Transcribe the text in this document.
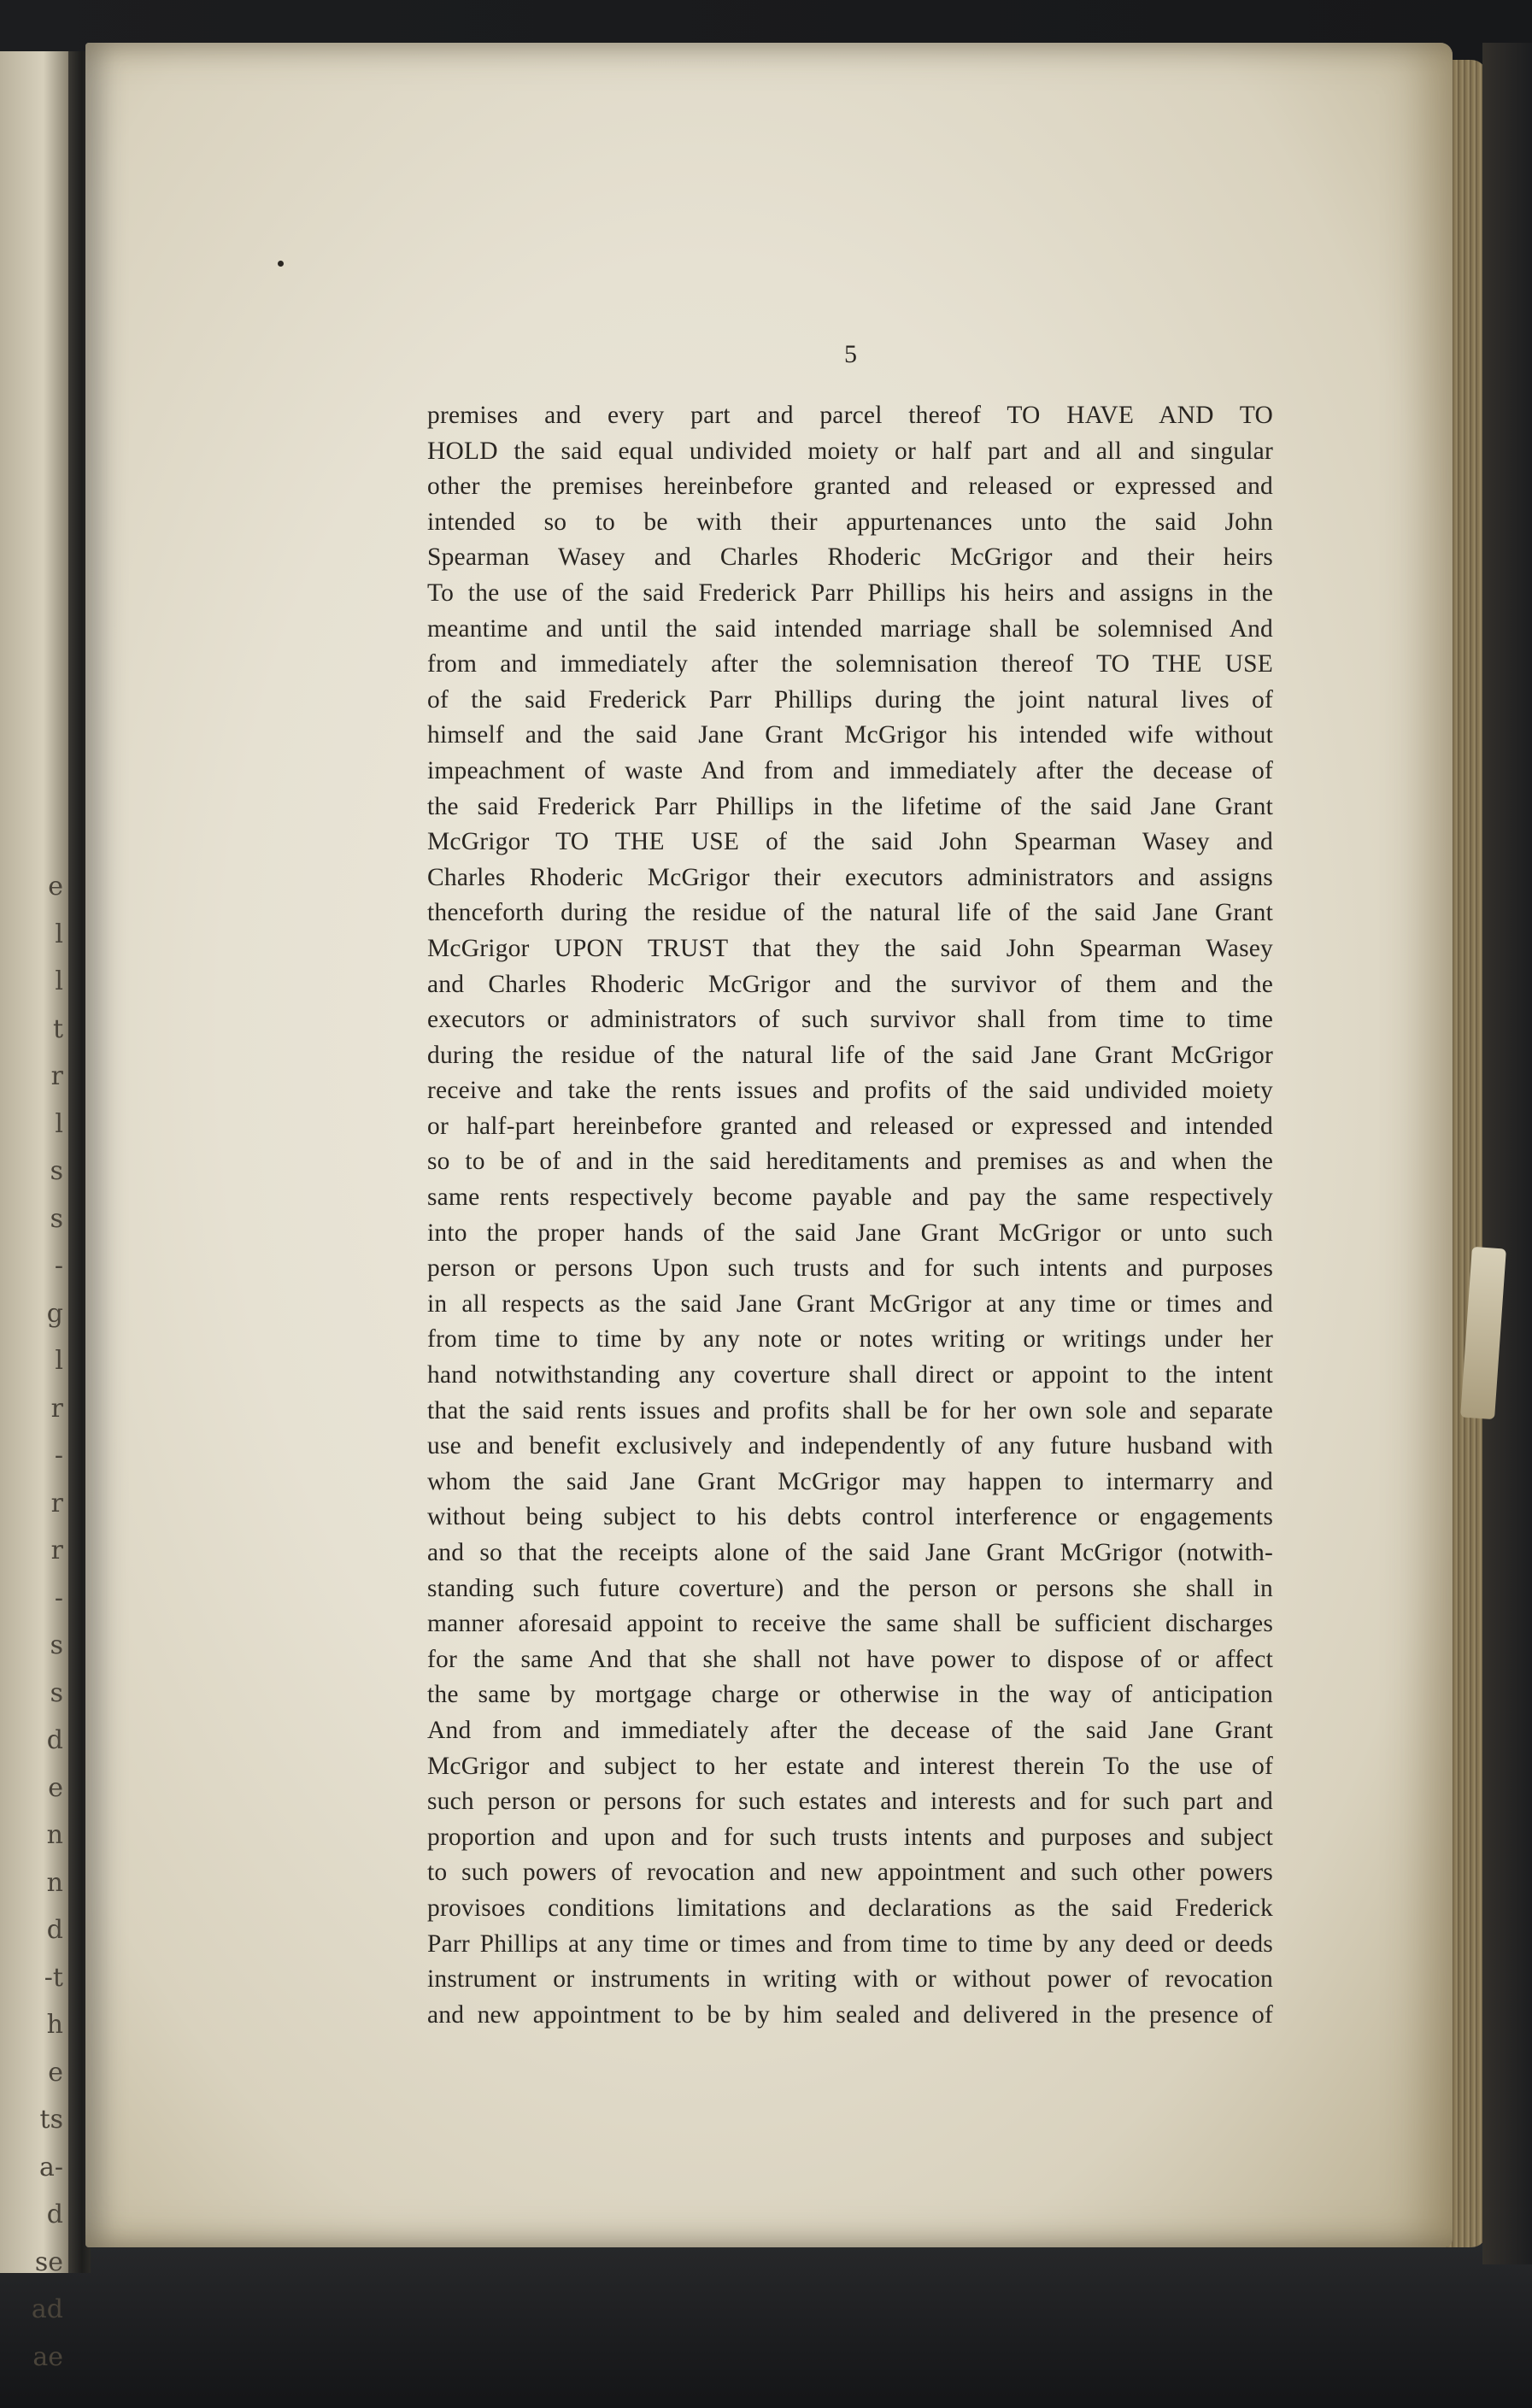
e
l
l
t
r
l
s
s
-
g
l
r
-
r
r
-
s
s
d
e
n
n
d
-t
h
e
ts
a-
d
se
ad
ae
5
premises and every part and parcel thereof TO HAVE AND TO
HOLD the said equal undivided moiety or half part and all and singular
other the premises hereinbefore granted and released or expressed and
intended so to be with their appurtenances unto the said John
Spearman Wasey and Charles Rhoderic McGrigor and their heirs
To the use of the said Frederick Parr Phillips his heirs and assigns in the
meantime and until the said intended marriage shall be solemnised And
from and immediately after the solemnisation thereof TO THE USE
of the said Frederick Parr Phillips during the joint natural lives of
himself and the said Jane Grant McGrigor his intended wife without
impeachment of waste And from and immediately after the decease of
the said Frederick Parr Phillips in the lifetime of the said Jane Grant
McGrigor TO THE USE of the said John Spearman Wasey and
Charles Rhoderic McGrigor their executors administrators and assigns
thenceforth during the residue of the natural life of the said Jane Grant
McGrigor UPON TRUST that they the said John Spearman Wasey
and Charles Rhoderic McGrigor and the survivor of them and the
executors or administrators of such survivor shall from time to time
during the residue of the natural life of the said Jane Grant McGrigor
receive and take the rents issues and profits of the said undivided moiety
or half-part hereinbefore granted and released or expressed and intended
so to be of and in the said hereditaments and premises as and when the
same rents respectively become payable and pay the same respectively
into the proper hands of the said Jane Grant McGrigor or unto such
person or persons Upon such trusts and for such intents and purposes
in all respects as the said Jane Grant McGrigor at any time or times and
from time to time by any note or notes writing or writings under her
hand notwithstanding any coverture shall direct or appoint to the intent
that the said rents issues and profits shall be for her own sole and separate
use and benefit exclusively and independently of any future husband with
whom the said Jane Grant McGrigor may happen to intermarry and
without being subject to his debts control interference or engagements
and so that the receipts alone of the said Jane Grant McGrigor (notwith-
standing such future coverture) and the person or persons she shall in
manner aforesaid appoint to receive the same shall be sufficient discharges
for the same And that she shall not have power to dispose of or affect
the same by mortgage charge or otherwise in the way of anticipation
And from and immediately after the decease of the said Jane Grant
McGrigor and subject to her estate and interest therein To the use of
such person or persons for such estates and interests and for such part and
proportion and upon and for such trusts intents and purposes and subject
to such powers of revocation and new appointment and such other powers
provisoes conditions limitations and declarations as the said Frederick
Parr Phillips at any time or times and from time to time by any deed or deeds
instrument or instruments in writing with or without power of revocation
and new appointment to be by him sealed and delivered in the presence of
